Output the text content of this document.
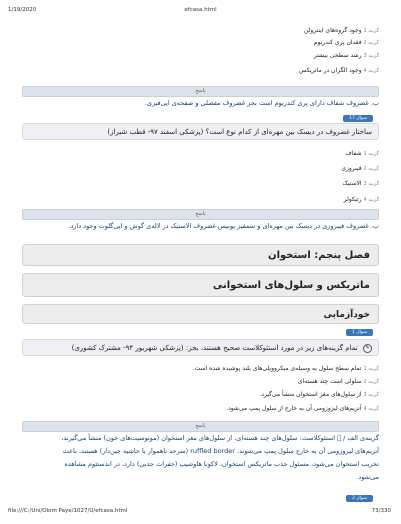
1/19/2020	efcasa.html
گزینه 1 وجود گروه‌های اینترولن
گزینه 2 فقدان پری کندریوم
گزینه 3 رشد سطحی بیشتر
گزینه 4 وجود الگران در ماتریکس
پاسخ
ب. غضروف شفاف دارای پری کندریوم است بجز غضروف مفصلی و صفحه‌ی اپی‌فیزی.
سوال 17
ساختار غضروف در دیسک بین مهره‌ای از کدام نوع است؟ (پزشکی اسفند ۹۷- قطب شیراز)
گزینه 1 شفاف
گزینه 2 فیبروزی
گزینه 3 الاستیک
گزینه 4 رتیکولر
پاسخ
ب. غضروف فیبروزی در دیسک بین مهره‌ای و سمفیز پوبیس غضروف الاستیک در لاله‌ی گوش و اپی‌گلوت وجود دارد.
فصل پنجم: استخوان
ماتریکس و سلول‌های استخوانی
خودآزمایی
سوال 1
✎ تمام گزینه‌های زیر در مورد استئوکلاست صحیح هستند، بجز: (پزشکی شهریور ۹۴- مشترک کشوری)
گزینه 1 تمام سطح سلول به وسیله‌ی میکروویلی‌های بلند پوشیده شده است.
گزینه 2 سلولی است چند هسته‌ای
گزینه 3 از سلول‌های مغز استخوان منشأ می‌گیرد.
گزینه 4 آنزیم‌های لیزوزومی آن به خارج از سلول پمپ می‌شود.
پاسخ
گزینه‌ی الف / ⃝ استئوکلاست: سلول‌های چند هسته‌ای، از سلول‌های مغز استخوان (مونوسیت‌های خون) منشأ می‌گیرند،
آنزیم‌های لیزوزومی آن به خارج سلول پمپ می‌شوند. ruffled border (سرحد ناهموار یا حاشیه چین‌دار) هستند، باعث
تخریب استخوان می‌شود، مسئول جذب ماتریکس استخوان، لاکونا هاوشیپ (حفرات جذبی) دارد، در اندستئوم مشاهده
می‌شود
سوال 2
file:///C:/Uni/Olom Paye/1027/U/efcasa.html	73/330
